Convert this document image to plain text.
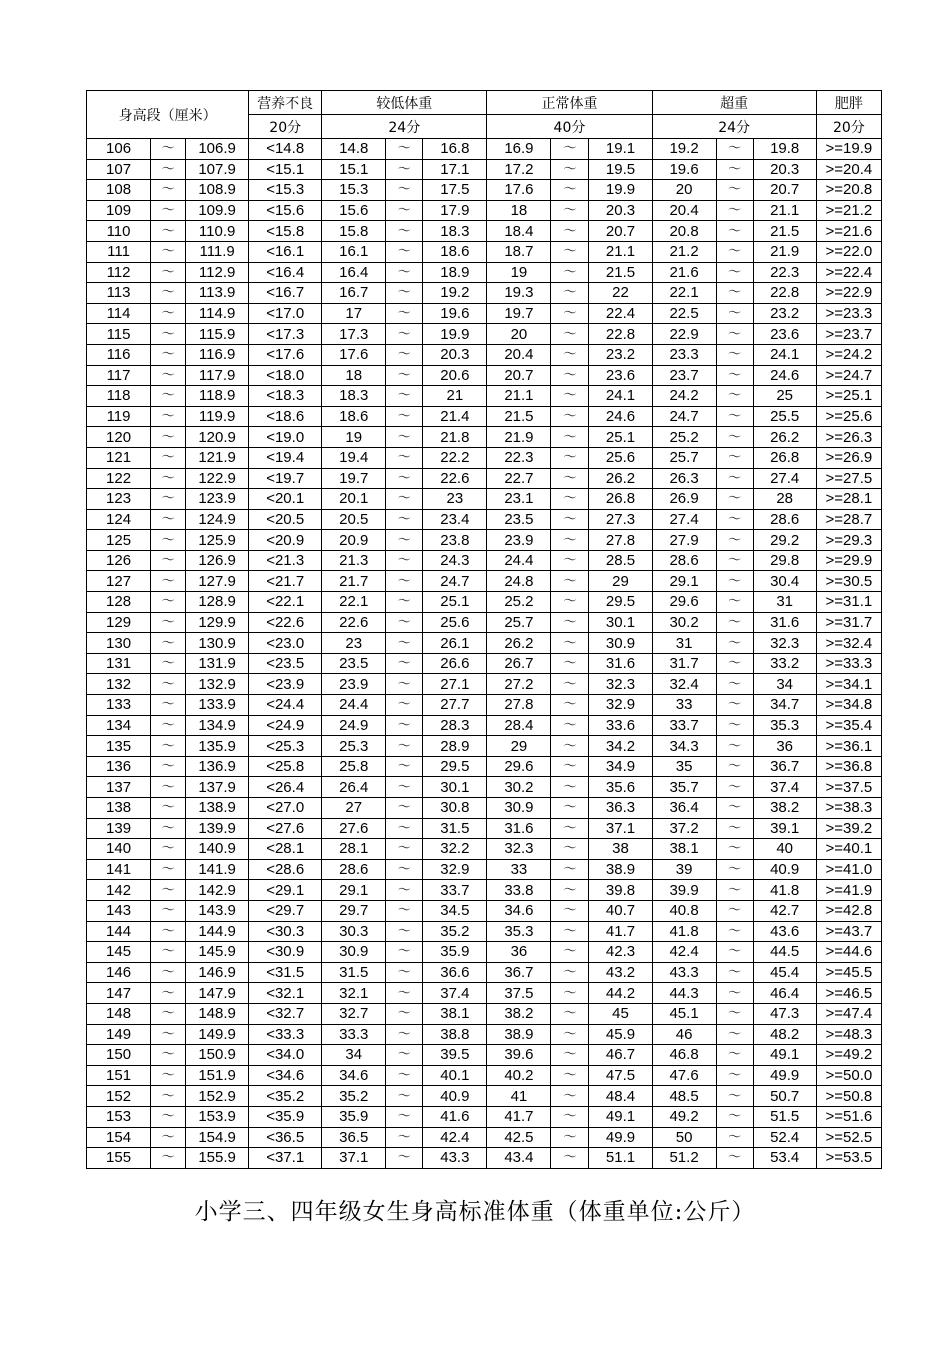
身高段（厘米）			营养不良	较低体重			正常体重			超重			肥胖
			20分	24分			40分			24分			20分
106	～	106.9	<14.8	14.8	～	16.8	16.9	～	19.1	19.2	～	19.8	>=19.9
107	～	107.9	<15.1	15.1	～	17.1	17.2	～	19.5	19.6	～	20.3	>=20.4
108	～	108.9	<15.3	15.3	～	17.5	17.6	～	19.9	20	～	20.7	>=20.8
109	～	109.9	<15.6	15.6	～	17.9	18	～	20.3	20.4	～	21.1	>=21.2
110	～	110.9	<15.8	15.8	～	18.3	18.4	～	20.7	20.8	～	21.5	>=21.6
111	～	111.9	<16.1	16.1	～	18.6	18.7	～	21.1	21.2	～	21.9	>=22.0
112	～	112.9	<16.4	16.4	～	18.9	19	～	21.5	21.6	～	22.3	>=22.4
113	～	113.9	<16.7	16.7	～	19.2	19.3	～	22	22.1	～	22.8	>=22.9
114	～	114.9	<17.0	17	～	19.6	19.7	～	22.4	22.5	～	23.2	>=23.3
115	～	115.9	<17.3	17.3	～	19.9	20	～	22.8	22.9	～	23.6	>=23.7
116	～	116.9	<17.6	17.6	～	20.3	20.4	～	23.2	23.3	～	24.1	>=24.2
117	～	117.9	<18.0	18	～	20.6	20.7	～	23.6	23.7	～	24.6	>=24.7
118	～	118.9	<18.3	18.3	～	21	21.1	～	24.1	24.2	～	25	>=25.1
119	～	119.9	<18.6	18.6	～	21.4	21.5	～	24.6	24.7	～	25.5	>=25.6
120	～	120.9	<19.0	19	～	21.8	21.9	～	25.1	25.2	～	26.2	>=26.3
121	～	121.9	<19.4	19.4	～	22.2	22.3	～	25.6	25.7	～	26.8	>=26.9
122	～	122.9	<19.7	19.7	～	22.6	22.7	～	26.2	26.3	～	27.4	>=27.5
123	～	123.9	<20.1	20.1	～	23	23.1	～	26.8	26.9	～	28	>=28.1
124	～	124.9	<20.5	20.5	～	23.4	23.5	～	27.3	27.4	～	28.6	>=28.7
125	～	125.9	<20.9	20.9	～	23.8	23.9	～	27.8	27.9	～	29.2	>=29.3
126	～	126.9	<21.3	21.3	～	24.3	24.4	～	28.5	28.6	～	29.8	>=29.9
127	～	127.9	<21.7	21.7	～	24.7	24.8	～	29	29.1	～	30.4	>=30.5
128	～	128.9	<22.1	22.1	～	25.1	25.2	～	29.5	29.6	～	31	>=31.1
129	～	129.9	<22.6	22.6	～	25.6	25.7	～	30.1	30.2	～	31.6	>=31.7
130	～	130.9	<23.0	23	～	26.1	26.2	～	30.9	31	～	32.3	>=32.4
131	～	131.9	<23.5	23.5	～	26.6	26.7	～	31.6	31.7	～	33.2	>=33.3
132	～	132.9	<23.9	23.9	～	27.1	27.2	～	32.3	32.4	～	34	>=34.1
133	～	133.9	<24.4	24.4	～	27.7	27.8	～	32.9	33	～	34.7	>=34.8
134	～	134.9	<24.9	24.9	～	28.3	28.4	～	33.6	33.7	～	35.3	>=35.4
135	～	135.9	<25.3	25.3	～	28.9	29	～	34.2	34.3	～	36	>=36.1
136	～	136.9	<25.8	25.8	～	29.5	29.6	～	34.9	35	～	36.7	>=36.8
137	～	137.9	<26.4	26.4	～	30.1	30.2	～	35.6	35.7	～	37.4	>=37.5
138	～	138.9	<27.0	27	～	30.8	30.9	～	36.3	36.4	～	38.2	>=38.3
139	～	139.9	<27.6	27.6	～	31.5	31.6	～	37.1	37.2	～	39.1	>=39.2
140	～	140.9	<28.1	28.1	～	32.2	32.3	～	38	38.1	～	40	>=40.1
141	～	141.9	<28.6	28.6	～	32.9	33	～	38.9	39	～	40.9	>=41.0
142	～	142.9	<29.1	29.1	～	33.7	33.8	～	39.8	39.9	～	41.8	>=41.9
143	～	143.9	<29.7	29.7	～	34.5	34.6	～	40.7	40.8	～	42.7	>=42.8
144	～	144.9	<30.3	30.3	～	35.2	35.3	～	41.7	41.8	～	43.6	>=43.7
145	～	145.9	<30.9	30.9	～	35.9	36	～	42.3	42.4	～	44.5	>=44.6
146	～	146.9	<31.5	31.5	～	36.6	36.7	～	43.2	43.3	～	45.4	>=45.5
147	～	147.9	<32.1	32.1	～	37.4	37.5	～	44.2	44.3	～	46.4	>=46.5
148	～	148.9	<32.7	32.7	～	38.1	38.2	～	45	45.1	～	47.3	>=47.4
149	～	149.9	<33.3	33.3	～	38.8	38.9	～	45.9	46	～	48.2	>=48.3
150	～	150.9	<34.0	34	～	39.5	39.6	～	46.7	46.8	～	49.1	>=49.2
151	～	151.9	<34.6	34.6	～	40.1	40.2	～	47.5	47.6	～	49.9	>=50.0
152	～	152.9	<35.2	35.2	～	40.9	41	～	48.4	48.5	～	50.7	>=50.8
153	～	153.9	<35.9	35.9	～	41.6	41.7	～	49.1	49.2	～	51.5	>=51.6
154	～	154.9	<36.5	36.5	～	42.4	42.5	～	49.9	50	～	52.4	>=52.5
155	～	155.9	<37.1	37.1	～	43.3	43.4	～	51.1	51.2	～	53.4	>=53.5
小学三、四年级女生身高标准体重（体重单位:公斤）
